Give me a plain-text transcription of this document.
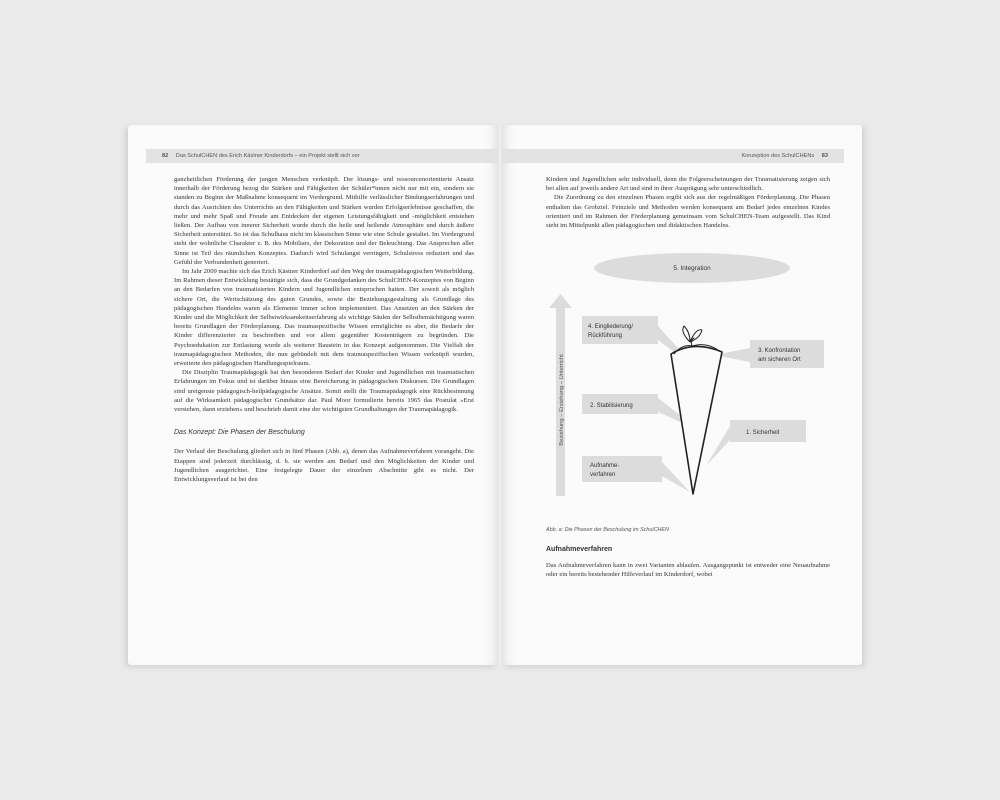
82 Das SchulCHEN des Erich Kästner Kinderdorfs – ein Projekt stellt sich vor

ganzheitlichen Förderung der jungen Menschen verknüpft. Der lösungs- und ressourcenorientierte Ansatz innerhalb der Förderung bezog die Stärken und Fähigkeiten der Schüler*innen nicht nur mit ein, sondern sie standen zu Beginn der Maßnahme konsequent im Vordergrund. Mithilfe verlässlicher Bindungserfahrungen und durch das Ausrichten des Unterrichts an den Fähigkeiten und Stärken wurden Erfolgserlebnisse geschaffen, die mehr und mehr Spaß und Freude am Entdecken der eigenen Leistungsfähigkeit und -möglichkeit entstehen ließen. Der Aufbau von innerer Sicherheit wurde durch die heile und heilende Atmosphäre und durch äußere Sicherheit unterstützt. So ist das Schulhaus nicht im klassischen Sinne wie eine Schule gestaltet. Im Vordergrund steht der wohnliche Charakter z. B. des Mobiliars, der Dekoration und der Beleuchtung. Das Ansprechen aller Sinne ist Teil des räumlichen Konzeptes. Dadurch wird Schulangst verringert, Schulstress reduziert und das Gefühl der Verbundenheit generiert.

Im Jahr 2009 machte sich das Erich Kästner Kinderdorf auf den Weg der traumapädagogischen Weiterbildung. Im Rahmen dieser Entwicklung bestätigte sich, dass die Grundgedanken des SchulCHEN-Konzeptes von Beginn an den Bedarfen von traumatisierten Kindern und Jugendlichen entsprochen hatten. Der soweit als möglich sichere Ort, die Wertschätzung des guten Grundes, sowie die Beziehungsgestaltung als Grundlage des pädagogischen Handelns waren als Elemente immer schon implementiert. Das Ansetzen an den Stärken der Kinder und die Möglichkeit der Selbstwirksamkeitserfahrung als wichtige Säulen der Selbstbemächtigung waren bereits Grundlagen der Förderplanung. Das traumaspezifische Wissen ermöglichte es aber, die Bedarfe der Kinder differenzierter zu beschreiben und vor allem gegenüber Kostenträgern zu begründen. Die Psychoedukation zur Entlastung wurde als weiterer Baustein in das Konzept aufgenommen. Die Vielfalt der traumapädagogischen Methoden, die nun gebündelt mit dem traumaspezifischen Wissen verknüpft wurden, erweiterte den pädagogischen Handlungsspielraum.

Die Disziplin Traumapädagogik hat den besonderen Bedarf der Kinder und Jugendlichen mit traumatischen Erfahrungen im Fokus und ist darüber hinaus eine Bereicherung in pädagogischen Diskursen. Die Grundlagen sind ureigenste pädagogisch-heilpädagogische Ansätze. Somit stellt die Traumapädagogik eine Rückbesinnung auf die Wirksamkeit pädagogischer Grundsätze dar. Paul Moor formulierte bereits 1965 das Postulat »Erst verstehen, dann erziehen« und beschrieb damit eine der wichtigsten Grundhaltungen der Traumapädagogik.

Das Konzept: Die Phasen der Beschulung

Der Verlauf der Beschulung gliedert sich in fünf Phasen (Abb. a), denen das Aufnahmeverfahren vorangeht. Die Etappen sind jederzeit durchlässig, d. h. sie werden am Bedarf und den Möglichkeiten der Kinder und Jugendlichen ausgerichtet. Eine festgelegte Dauer der einzelnen Abschnitte gibt es nicht. Der Entwicklungsverlauf ist bei den

Konzeption des SchulCHENs 83

Kindern und Jugendlichen sehr individuell, denn die Folgeerscheinungen der Traumatisierung zeigen sich bei allen auf jeweils andere Art und sind in ihrer Ausprägung sehr unterschiedlich.

Die Zuordnung zu den einzelnen Phasen ergibt sich aus der regelmäßigen Förderplanung. Die Phasen enthalten das Grobziel. Feinziele und Methoden werden konsequent am Bedarf jedes einzelnen Kindes orientiert und im Rahmen der Förderplanung gemeinsam vom SchulCHEN-Team aufgestellt. Das Kind steht im Mittelpunkt allen pädagogischen und didaktischen Handelns.

5. Integration
Beziehung – Erziehung – Unterricht
4. Eingliederung/
Rückführung
3. Konfrontation
am sicheren Ort
2. Stabilisierung
1. Sicherheit
Aufnahme-
verfahren
Abb. a: Die Phasen der Beschulung im SchulCHEN
Aufnahmeverfahren

Das Aufnahmeverfahren kann in zwei Varianten ablaufen. Ausgangspunkt ist entweder eine Neuaufnahme oder ein bereits bestehender Hilfeverlauf im Kinderdorf, wobei
